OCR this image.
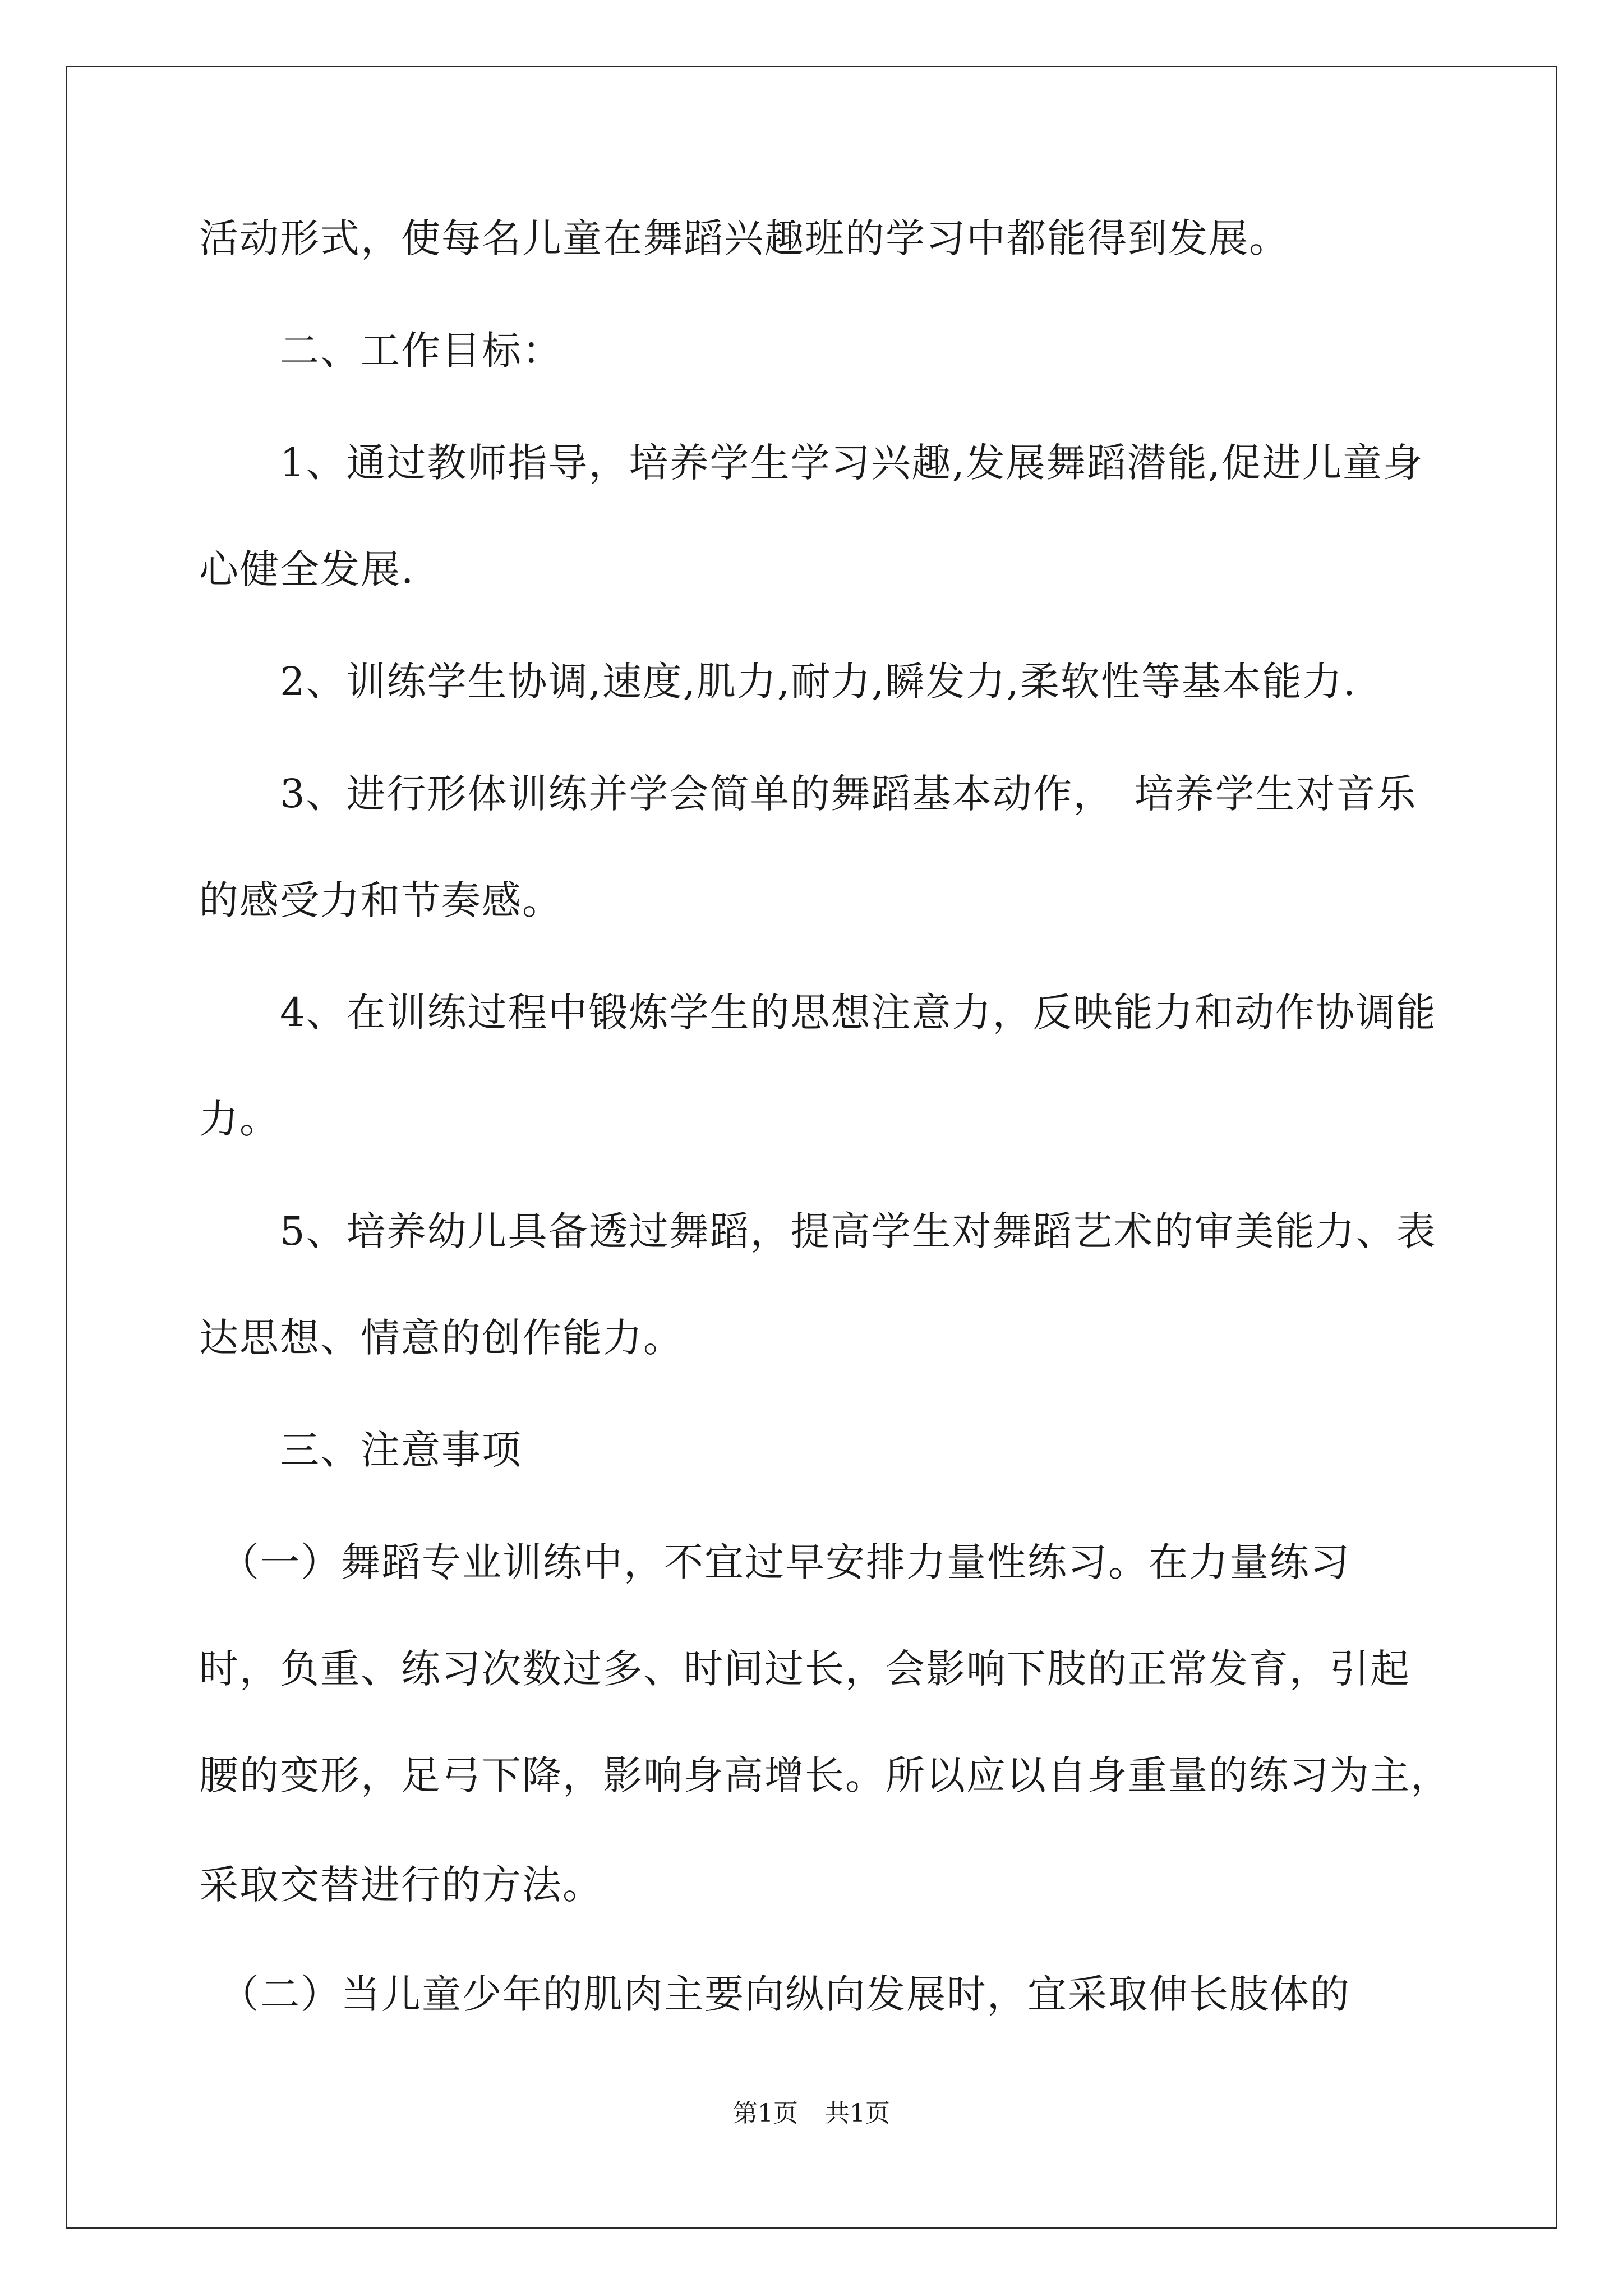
活动形式，使每名儿童在舞蹈兴趣班的学习中都能得到发展。
　　二、工作目标：
　　1、通过教师指导，培养学生学习兴趣,发展舞蹈潜能,促进儿童身
心健全发展.
　　2、训练学生协调,速度,肌力,耐力,瞬发力,柔软性等基本能力.
　　3、进行形体训练并学会简单的舞蹈基本动作，　培养学生对音乐
的感受力和节奏感。
　　4、在训练过程中锻炼学生的思想注意力，反映能力和动作协调能
力。
　　5、培养幼儿具备透过舞蹈，提高学生对舞蹈艺术的审美能力、表
达思想、情意的创作能力。
　　三、注意事项
　（一）舞蹈专业训练中，不宜过早安排力量性练习。在力量练习
时，负重、练习次数过多、时间过长，会影响下肢的正常发育，引起
腰的变形，足弓下降，影响身高增长。所以应以自身重量的练习为主，
采取交替进行的方法。
　（二）当儿童少年的肌肉主要向纵向发展时，宜采取伸长肢体的
第1页 共1页
